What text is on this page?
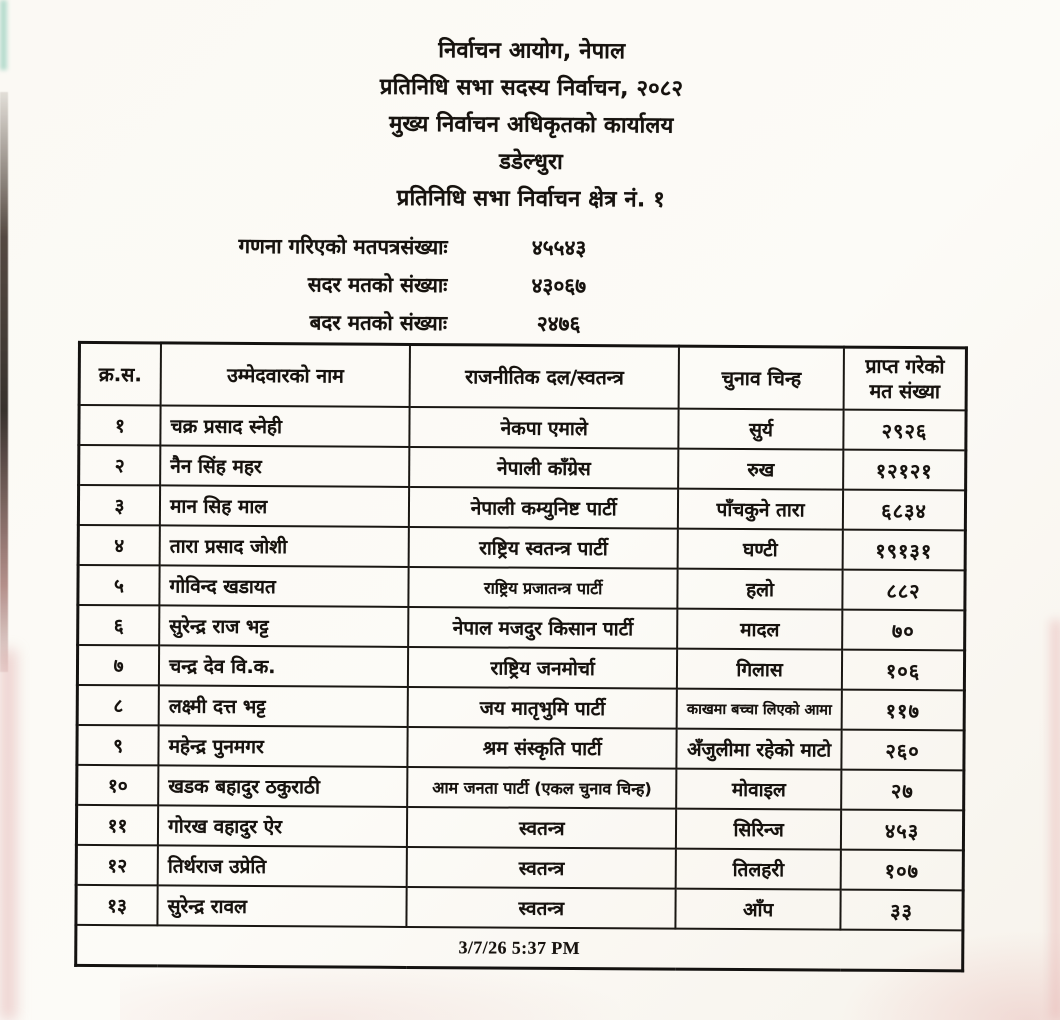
निर्वाचन आयोग, नेपाल
प्रतिनिधि सभा सदस्य निर्वाचन, २०८२
मुख्य निर्वाचन अधिकृतको कार्यालय
डडेल्धुरा
प्रतिनिधि सभा निर्वाचन क्षेत्र नं. १
गणना गरिएको मतपत्रसंख्याः	४५५४३
सदर मतको संख्याः	४३०६७
बदर मतको संख्याः	२४७६
क्र.स.	उम्मेदवारको नाम	राजनीतिक दल/स्वतन्त्र	चुनाव चिन्ह	प्राप्त गरेको मत संख्या
१	चक्र प्रसाद स्नेही	नेकपा एमाले	सुर्य	२९२६
२	नैन सिंह महर	नेपाली काँग्रेस	रुख	१२१२१
३	मान सिह माल	नेपाली कम्युनिष्ट पार्टी	पाँचकुने तारा	६८३४
४	तारा प्रसाद जोशी	राष्ट्रिय स्वतन्त्र पार्टी	घण्टी	१९१३१
५	गोविन्द खडायत	राष्ट्रिय प्रजातन्त्र पार्टी	हलो	८८२
६	सुरेन्द्र राज भट्ट	नेपाल मजदुर किसान पार्टी	मादल	७०
७	चन्द्र देव वि.क.	राष्ट्रिय जनमोर्चा	गिलास	१०६
८	लक्ष्मी दत्त भट्ट	जय मातृभुमि पार्टी	काखमा बच्चा लिएको आमा	११७
९	महेन्द्र पुनमगर	श्रम संस्कृति पार्टी	अँजुलीमा रहेको माटो	२६०
१०	खडक बहादुर ठकुराठी	आम जनता पार्टी (एकल चुनाव चिन्ह)	मोवाइल	२७
११	गोरख वहादुर ऐर	स्वतन्त्र	सिरिन्ज	४५३
१२	तिर्थराज उप्रेति	स्वतन्त्र	तिलहरी	१०७
१३	सुरेन्द्र रावल	स्वतन्त्र	आँप	३३
3/7/26 5:37 PM				
